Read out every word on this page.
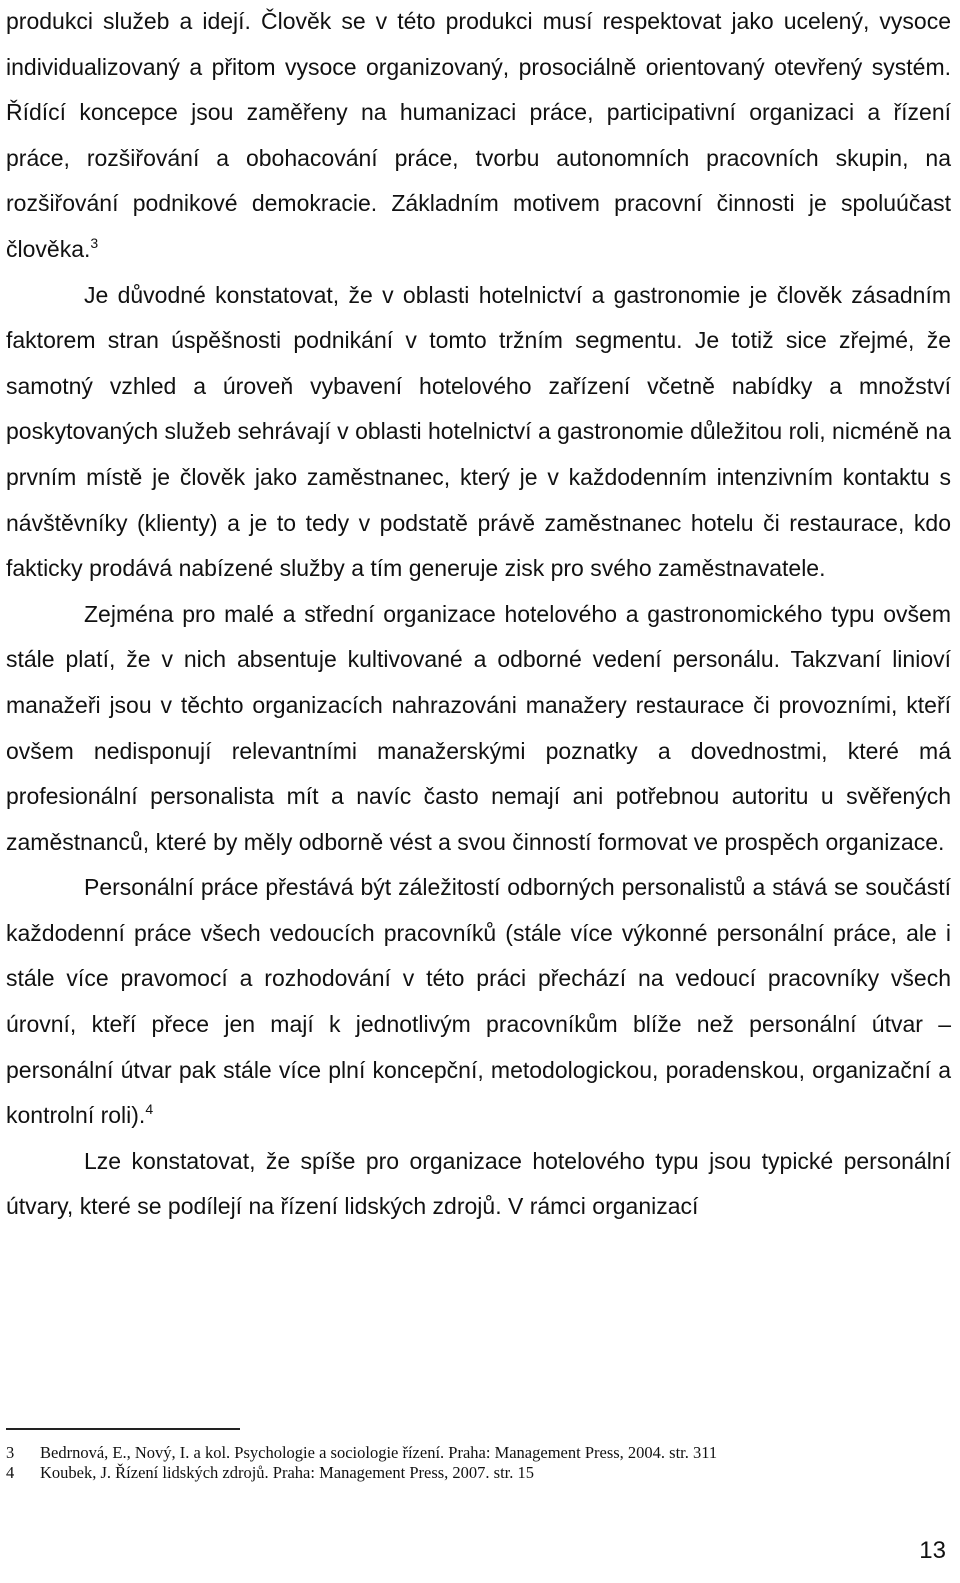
produkci služeb a idejí. Člověk se v této produkci musí respektovat jako ucelený, vysoce individualizovaný a přitom vysoce organizovaný, prosociálně orientovaný otevřený systém. Řídící koncepce jsou zaměřeny na humanizaci práce, participativní organizaci a řízení práce, rozšiřování a obohacování práce, tvorbu autonomních pracovních skupin, na rozšiřování podnikové demokracie. Základním motivem pracovní činnosti je spoluúčast člověka.$^3$

Je důvodné konstatovat, že v oblasti hotelnictví a gastronomie je člověk zásadním faktorem stran úspěšnosti podnikání v tomto tržním segmentu. Je totiž sice zřejmé, že samotný vzhled a úroveň vybavení hotelového zařízení včetně nabídky a množství poskytovaných služeb sehrávají v oblasti hotelnictví a gastronomie důležitou roli, nicméně na prvním místě je člověk jako zaměstnanec, který je v každodenním intenzivním kontaktu s návštěvníky (klienty) a je to tedy v podstatě právě zaměstnanec hotelu či restaurace, kdo fakticky prodává nabízené služby a tím generuje zisk pro svého zaměstnavatele.

Zejména pro malé a střední organizace hotelového a gastronomického typu ovšem stále platí, že v nich absentuje kultivované a odborné vedení personálu. Takzvaní linioví manažeři jsou v těchto organizacích nahrazováni manažery restaurace či provozními, kteří ovšem nedisponují relevantními manažerskými poznatky a dovednostmi, které má profesionální personalista mít a navíc často nemají ani potřebnou autoritu u svěřených zaměstnanců, které by měly odborně vést a svou činností formovat ve prospěch organizace.

Personální práce přestává být záležitostí odborných personalistů a stává se součástí každodenní práce všech vedoucích pracovníků (stále více výkonné personální práce, ale i stále více pravomocí a rozhodování v této práci přechází na vedoucí pracovníky všech úrovní, kteří přece jen mají k jednotlivým pracovníkům blíže než personální útvar – personální útvar pak stále více plní koncepční, metodologickou, poradenskou, organizační a kontrolní roli).$^4$

Lze konstatovat, že spíše pro organizace hotelového typu jsou typické personální útvary, které se podílejí na řízení lidských zdrojů. V rámci organizací

3 Bedrnová, E., Nový, I. a kol. Psychologie a sociologie řízení. Praha: Management Press, 2004. str. 311

4 Koubek, J. Řízení lidských zdrojů. Praha: Management Press, 2007. str. 15

13
